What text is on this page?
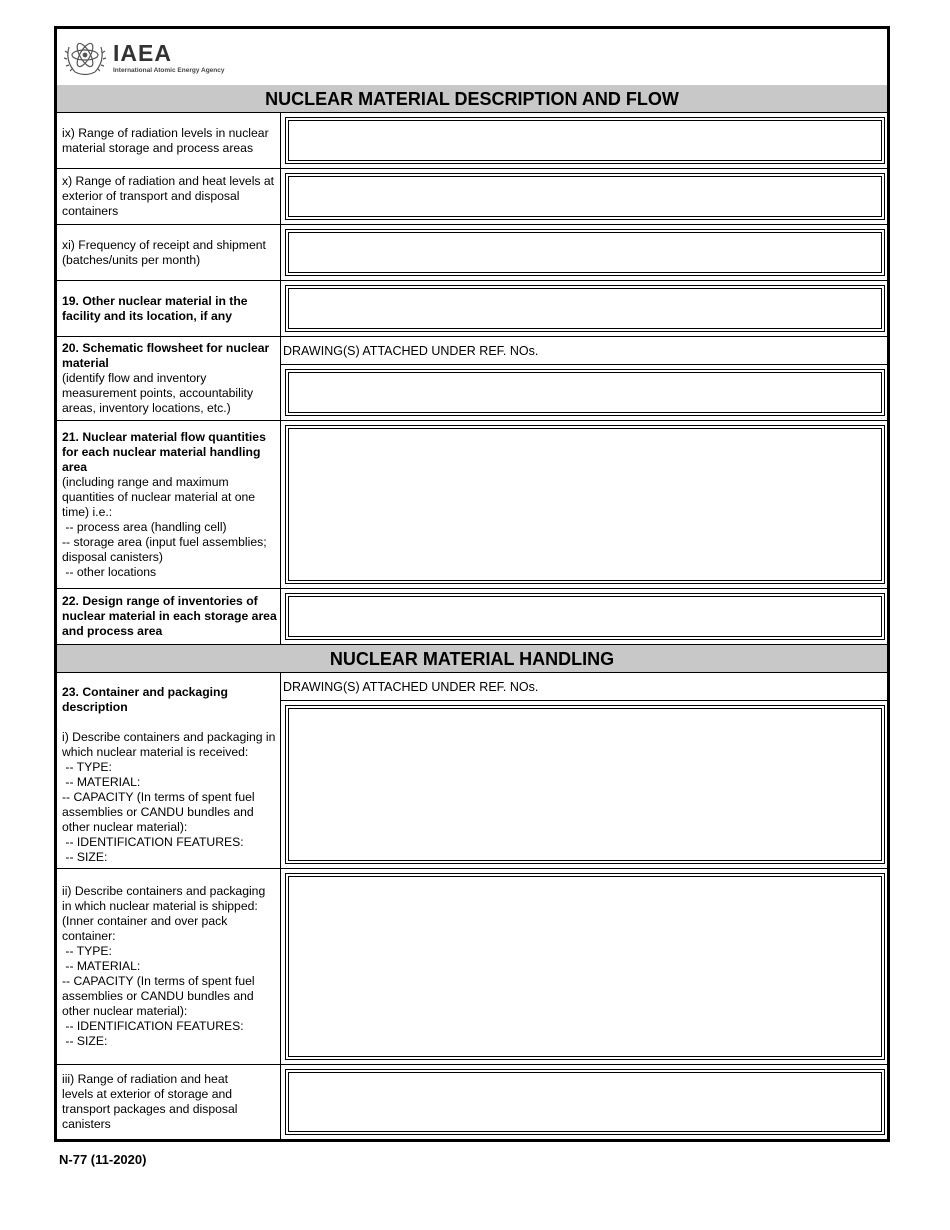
IAEA
International Atomic Energy Agency
NUCLEAR MATERIAL DESCRIPTION AND FLOW
ix) Range of radiation levels in nuclear material storage and process areas
x) Range of radiation and heat levels at exterior of transport and disposal containers
xi) Frequency of receipt and shipment (batches/units per month)
19. Other nuclear material in the facility and its location, if any

20. Schematic flowsheet for nuclear material

(identify flow and inventory measurement points, accountability areas, inventory locations, etc.)

DRAWING(S) ATTACHED UNDER REF. NOs.

21. Nuclear material flow quantities for each nuclear material handling area

(including range and maximum quantities of nuclear material at one time) i.e.:

-- process area (handling cell)

-- storage area (input fuel assemblies; disposal canisters)

-- other locations

22. Design range of inventories of nuclear material in each storage area and process area
NUCLEAR MATERIAL HANDLING

23. Container and packaging description

i) Describe containers and packaging in which nuclear material is received:

-- TYPE:

-- MATERIAL:

-- CAPACITY (In terms of spent fuel assemblies or CANDU bundles and other nuclear material):

-- IDENTIFICATION FEATURES:

-- SIZE:

DRAWING(S) ATTACHED UNDER REF. NOs.

ii) Describe containers and packaging in which nuclear material is shipped: (Inner container and over pack container:

-- TYPE:

-- MATERIAL:

-- CAPACITY (In terms of spent fuel assemblies or CANDU bundles and other nuclear material):

-- IDENTIFICATION FEATURES:

-- SIZE:

iii) Range of radiation and heat levels at exterior of storage and transport packages and disposal canisters
N-77 (11-2020)
